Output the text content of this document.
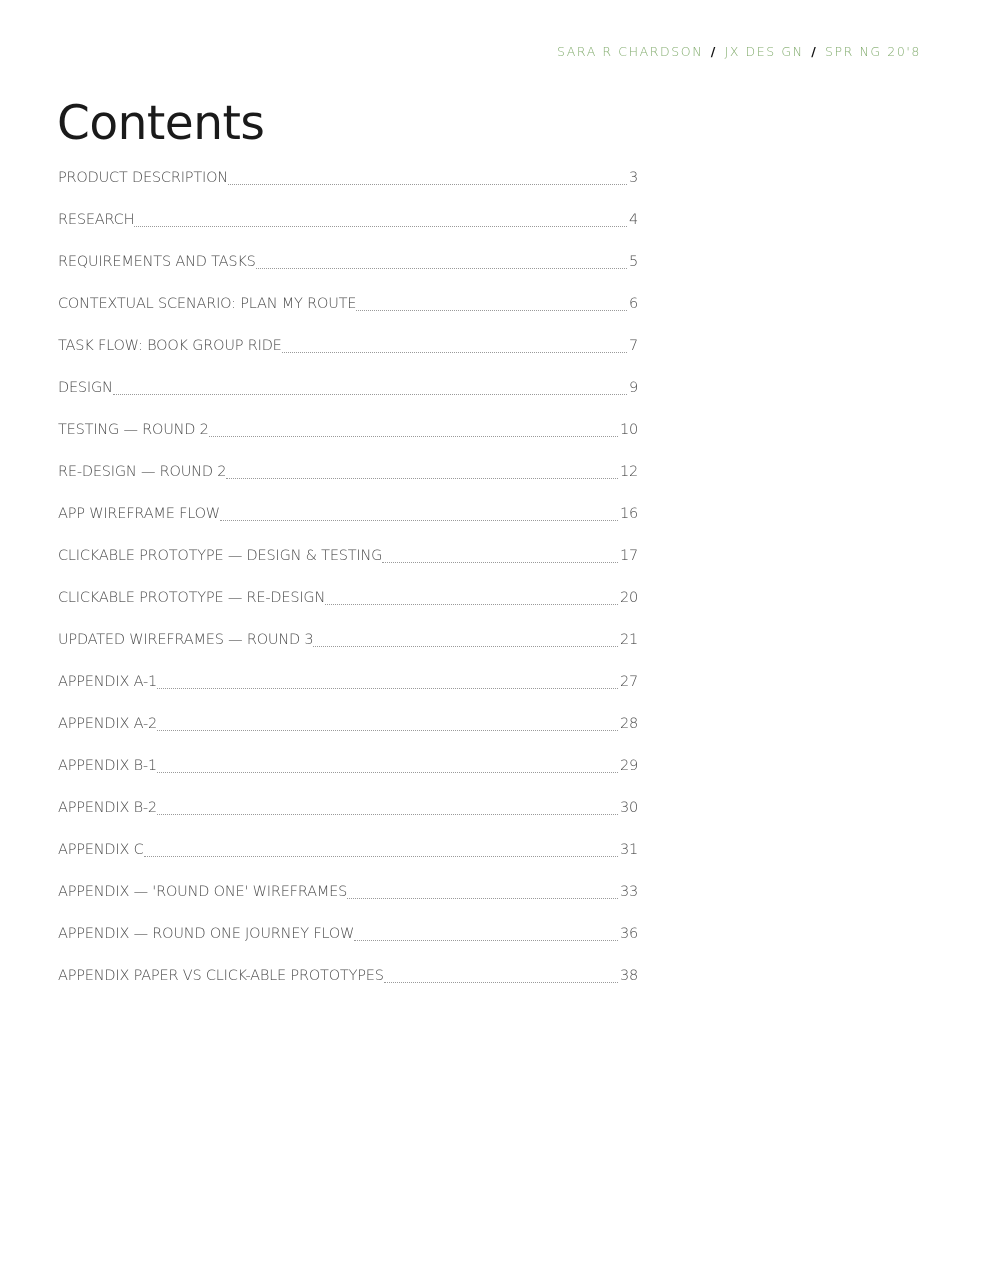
SARA R CHARDSON / JX DES GN / SPR NG 20'8
Contents
PRODUCT DESCRIPTION	3
RESEARCH	4
REQUIREMENTS AND TASKS	5
CONTEXTUAL SCENARIO: PLAN MY ROUTE	6
TASK FLOW: BOOK GROUP RIDE	7
DESIGN	9
TESTING — ROUND 2	10
RE-DESIGN — ROUND 2	12
APP WIREFRAME FLOW	16
CLICKABLE PROTOTYPE — DESIGN & TESTING	17
CLICKABLE PROTOTYPE — RE-DESIGN	20
UPDATED WIREFRAMES — ROUND 3	21
APPENDIX A-1	27
APPENDIX A-2	28
APPENDIX B-1	29
APPENDIX B-2	30
APPENDIX C	31
APPENDIX — 'ROUND ONE' WIREFRAMES	33
APPENDIX — ROUND ONE JOURNEY FLOW	36
APPENDIX PAPER VS CLICK-ABLE PROTOTYPES	38
